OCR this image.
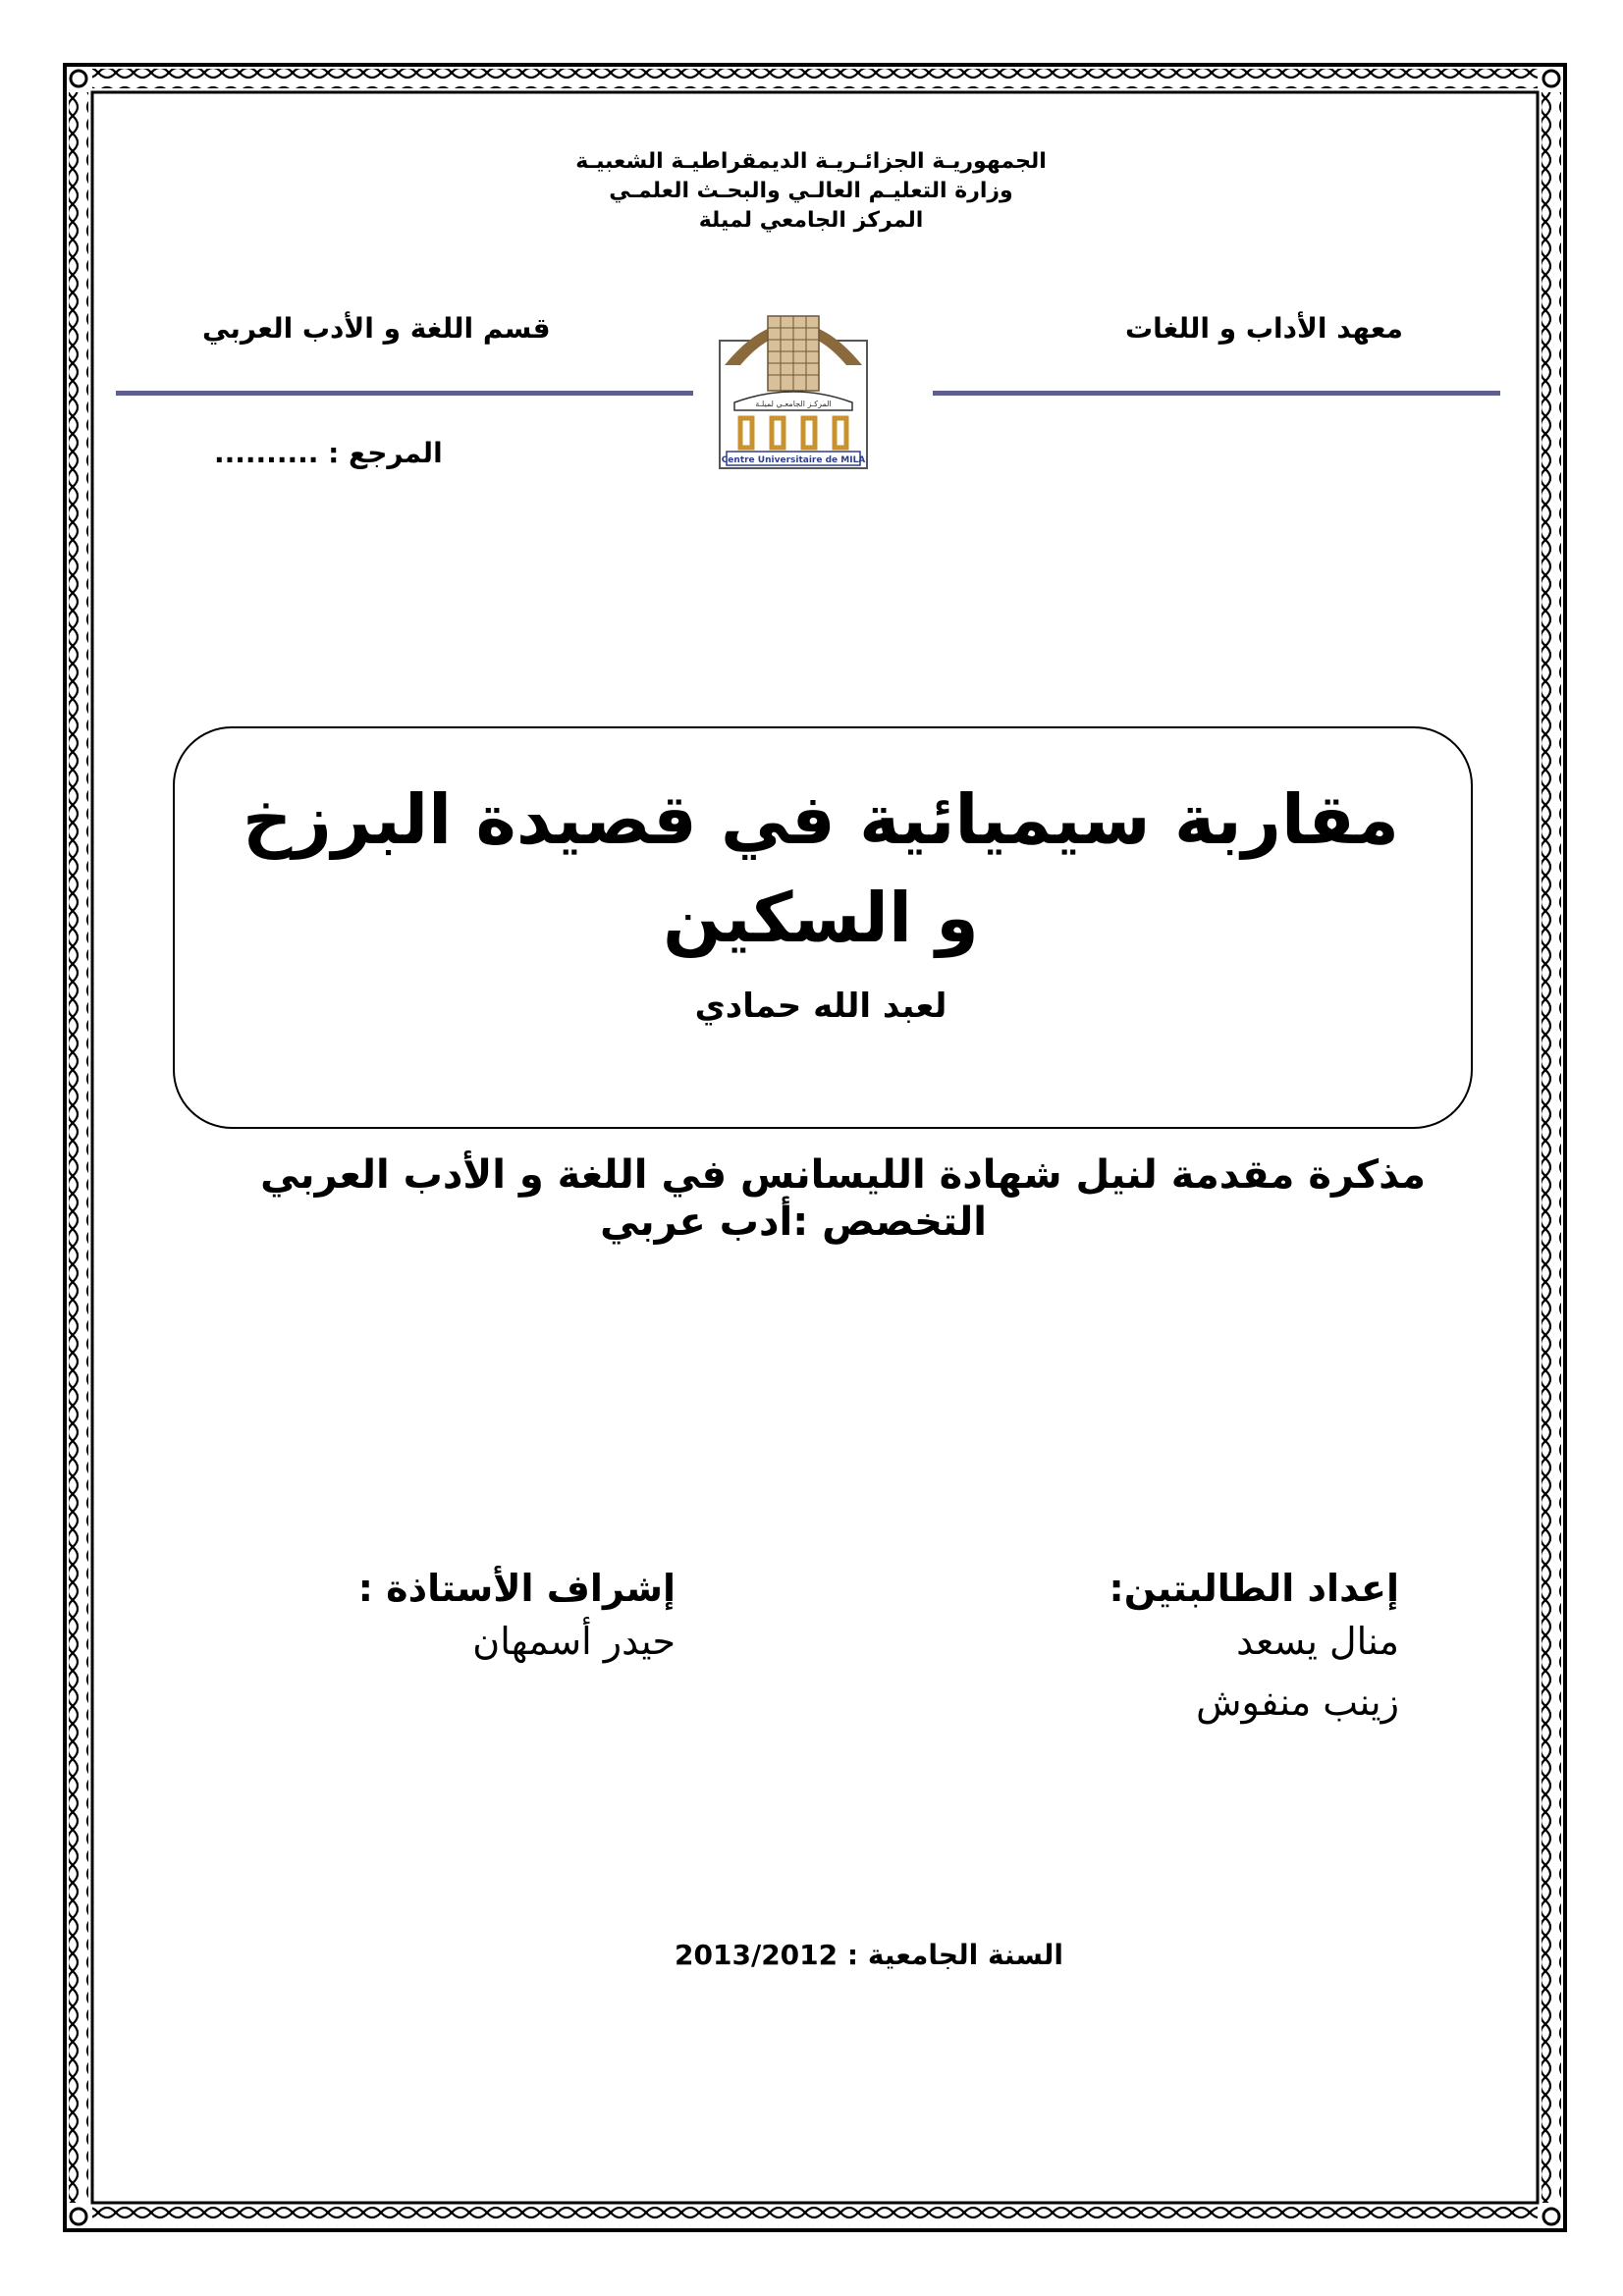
الجمهوريـة الجزائـريـة الديمقراطيـة الشعبيـة
وزارة التعليـم العالـي والبحـث العلمـي
المركز الجامعي لميلة
معهد الأداب و اللغات
قسم اللغة و الأدب العربي
المرجع : ..........
المركـز الجامعـي لميلـة
Centre Universitaire de MILA
مقاربة سيميائية في قصيدة البرزخ
و السكين
لعبد الله حمادي
مذكرة مقدمة لنيل شهادة الليسانس في اللغة و الأدب العربي
التخصص :أدب عربي
إعداد الطالبتين:
منال يسعد
زينب منفوش
إشراف الأستاذة :
حيدر أسمهان
السنة الجامعية : 2013/2012
